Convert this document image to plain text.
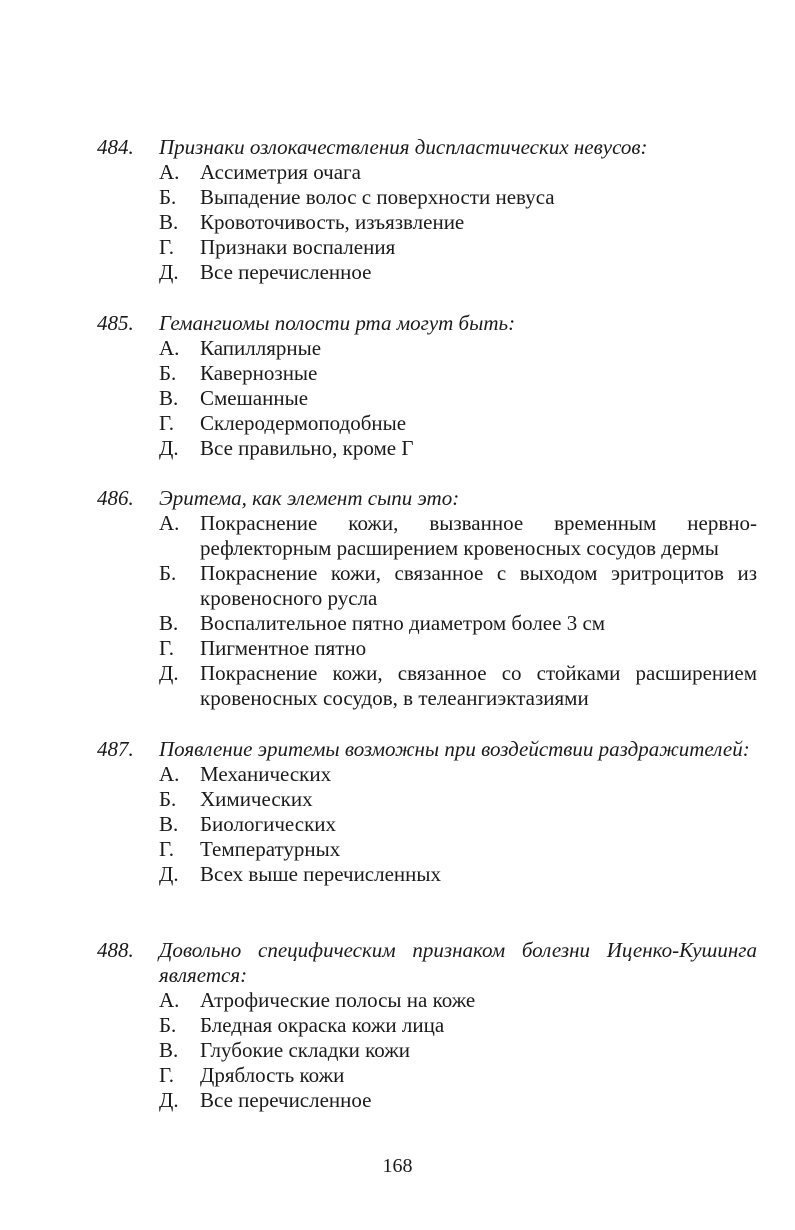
484.	Признаки озлокачествления диспластических невусов:
А. Ассиметрия очага
Б.	Выпадение волос с поверхности невуса
В.	Кровоточивость, изъязвление
Г.	Признаки воспаления
Д.	Все перечисленное
485.	Гемангиомы полости рта могут быть:
А. Капиллярные
Б.	Кавернозные
В.	Смешанные
Г.	Склеродермоподобные
Д.	Все правильно, кроме Г
486.	Эритема, как элемент сыпи это:
А. Покраснение кожи, вызванное временным нервно- рефлекторным расширением кровеносных сосудов дермы
Б.	Покраснение кожи, связанное с выходом эритроцитов из кровеносного русла
В.	Воспалительное пятно диаметром более 3 см
Г.	Пигментное пятно
Д.	Покраснение кожи, связанное со стойками расширением кровеносных сосудов, в телеангиэктазиями
487.	Появление эритемы возможны при воздействии раздражителей:
А. Механических
Б.	Химических
В.	Биологических
Г.	Температурных
Д.	Всех выше перечисленных
488.	Довольно специфическим признаком болезни Иценко-Кушинга является:
А. Атрофические полосы на коже
Б.	Бледная окраска кожи лица
В.	Глубокие складки кожи
Г.	Дряблость кожи
Д.	Все перечисленное
168
